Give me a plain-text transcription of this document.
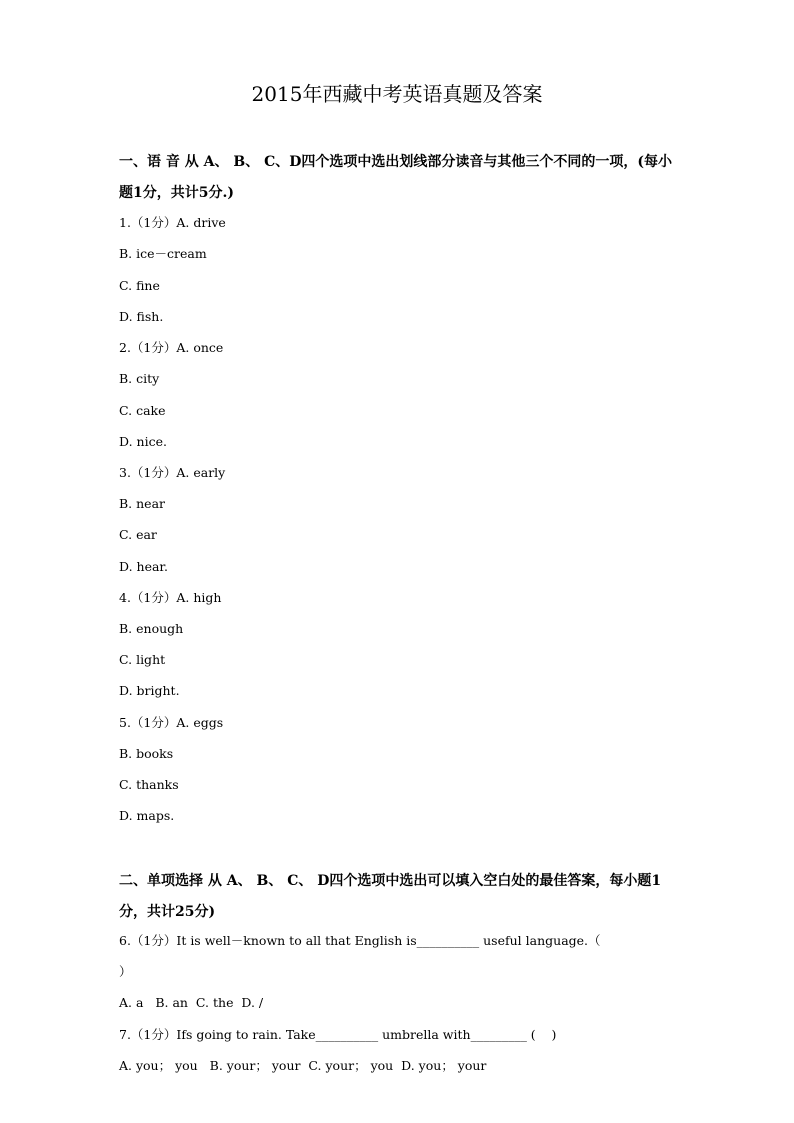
2015年西藏中考英语真题及答案
一、语 音 从 A、 B、 C、D四个选项中选出划线部分读音与其他三个不同的一项，(每小
题1分，共计5分.)
1.（1分）A. drive
B. ice－cream
C. fine
D. fish.
2.（1分）A. once
B. city
C. cake
D. nice.
3.（1分）A. early
B. near
C. ear
D. hear.
4.（1分）A. high
B. enough
C. light
D. bright.
5.（1分）A. eggs
B. books
C. thanks
D. maps.
二、单项选择 从 A、 B、 C、 D四个选项中选出可以填入空白处的最佳答案，每小题1
分，共计25分)
6.（1分）It is well－known to all that English is__________ useful language.（
）
A. a   B. an  C. the  D. /
7.（1分）Ifs going to rain. Take__________ umbrella with_________ (    )
A. you； you   B. your； your  C. your； you  D. you； your
